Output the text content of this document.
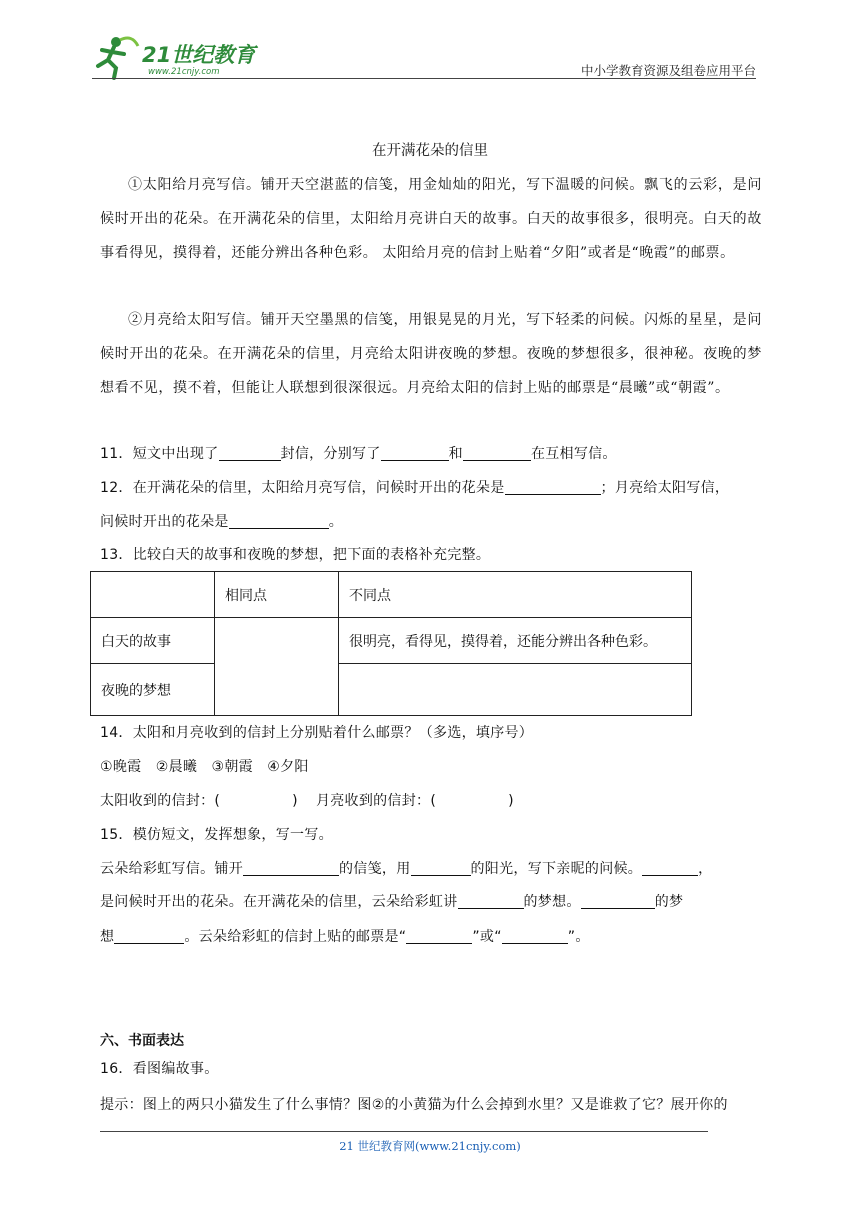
21世纪教育
www.21cnjy.com	中小学教育资源及组卷应用平台
在开满花朵的信里

①太阳给月亮写信。铺开天空湛蓝的信笺，用金灿灿的阳光，写下温暖的问候。飘飞的云彩，是问候时开出的花朵。在开满花朵的信里，太阳给月亮讲白天的故事。白天的故事很多，很明亮。白天的故事看得见，摸得着，还能分辨出各种色彩。 太阳给月亮的信封上贴着“夕阳”或者是“晚霞”的邮票。

②月亮给太阳写信。铺开天空墨黑的信笺，用银晃晃的月光，写下轻柔的问候。闪烁的星星，是问候时开出的花朵。在开满花朵的信里，月亮给太阳讲夜晚的梦想。夜晚的梦想很多，很神秘。夜晚的梦想看不见，摸不着，但能让人联想到很深很远。月亮给太阳的信封上贴的邮票是“晨曦”或“朝霞”。

11．短文中出现了	封信，分别写了	和	在互相写信。
12．在开满花朵的信里，太阳给月亮写信，问候时开出的花朵是	；月亮给太阳写信，
问候时开出的花朵是	。
13．比较白天的故事和夜晚的梦想，把下面的表格补充完整。
	相同点	不同点
白天的故事		很明亮，看得见，摸得着，还能分辨出各种色彩。
夜晚的梦想		
14．太阳和月亮收到的信封上分别贴着什么邮票？（多选，填序号）
①晚霞　②晨曦　③朝霞　④夕阳
太阳收到的信封：(	) 月亮收到的信封：(	)
15．模仿短文，发挥想象，写一写。
云朵给彩虹写信。铺开	的信笺，用	的阳光，写下亲昵的问候。	，
是问候时开出的花朵。在开满花朵的信里，云朵给彩虹讲	的梦想。	的梦
想	。云朵给彩虹的信封上贴的邮票是“	”或“	”。
六、书面表达
16．看图编故事。
提示：图上的两只小猫发生了什么事情？图②的小黄猫为什么会掉到水里？又是谁救了它？展开你的
21 世纪教育网(www.21cnjy.com)
